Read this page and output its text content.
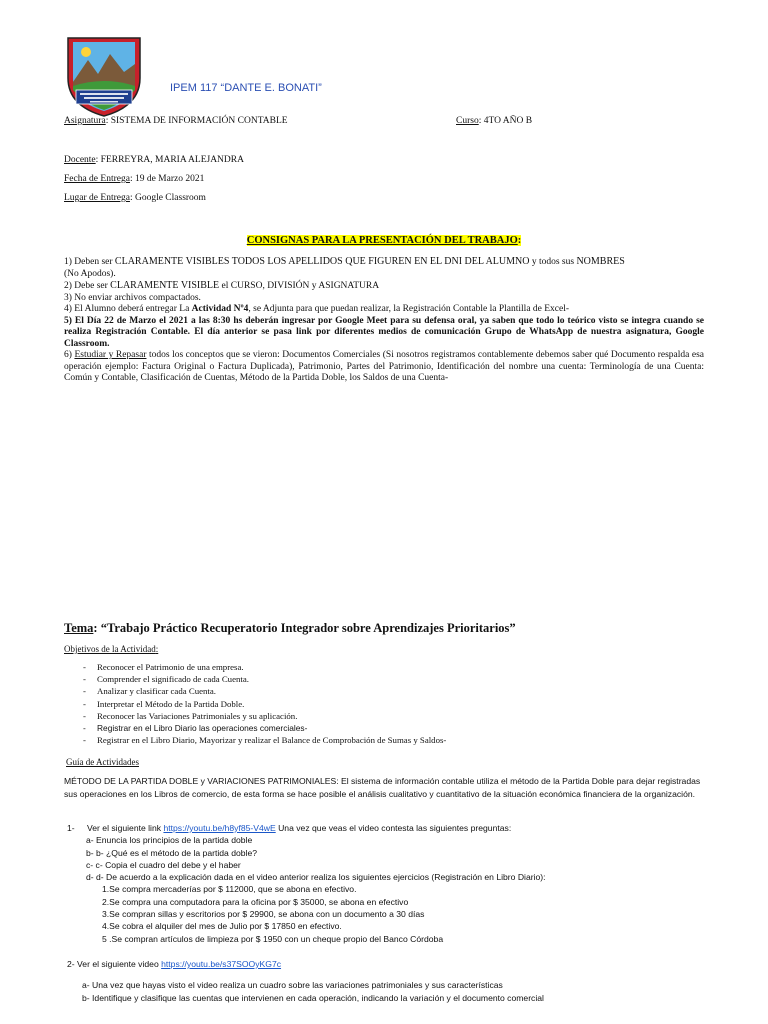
IPEM 117 “DANTE E. BONATI”
Asignatura: SISTEMA DE INFORMACIÓN CONTABLE	Curso: 4TO AÑO B
Docente: FERREYRA, MARIA ALEJANDRA
Fecha de Entrega: 19 de Marzo 2021
Lugar de Entrega: Google Classroom
CONSIGNAS PARA LA PRESENTACIÓN DEL TRABAJO:

1) Deben ser CLARAMENTE VISIBLES TODOS LOS APELLIDOS QUE FIGUREN EN EL DNI DEL ALUMNO y todos sus NOMBRES
(No Apodos).

2) Debe ser CLARAMENTE VISIBLE el CURSO, DIVISIÓN y ASIGNATURA

3) No enviar archivos compactados.

4) El Alumno deberá entregar La Actividad Nº4, se Adjunta para que puedan realizar, la Registración Contable la Plantilla de Excel-

5) El Día 22 de Marzo el 2021 a las 8:30 hs deberán ingresar por Google Meet para su defensa oral, ya saben que todo lo teórico visto se integra cuando se realiza Registración Contable. El día anterior se pasa link por diferentes medios de comunicación Grupo de WhatsApp de nuestra asignatura, Google Classroom.

6) Estudiar y Repasar todos los conceptos que se vieron: Documentos Comerciales (Si nosotros registramos contablemente debemos saber qué Documento respalda esa operación ejemplo: Factura Original o Factura Duplicada), Patrimonio, Partes del Patrimonio, Identificación del nombre una cuenta: Terminología de una Cuenta: Común y Contable, Clasificación de Cuentas, Método de la Partida Doble, los Saldos de una Cuenta-

Tema: “Trabajo Práctico Recuperatorio Integrador sobre Aprendizajes Prioritarios”
Objetivos de la Actividad:
- Reconocer el Patrimonio de una empresa.
- Comprender el significado de cada Cuenta.
- Analizar y clasificar cada Cuenta.
- Interpretar el Método de la Partida Doble.
- Reconocer las Variaciones Patrimoniales y su aplicación.
- Registrar en el Libro Diario las operaciones comerciales-
- Registrar en el Libro Diario, Mayorizar y realizar el Balance de Comprobación de Sumas y Saldos-
Guía de Actividades
MÉTODO DE LA PARTIDA DOBLE y VARIACIONES PATRIMONIALES: El sistema de información contable utiliza el método de la Partida Doble para dejar registradas sus operaciones en los Libros de comercio, de esta forma se hace posible el análisis cualitativo y cuantitativo de la situación económica financiera de la organización.
1- Ver el siguiente link https://youtu.be/h8yf85-V4wE Una vez que veas el video contesta las siguientes preguntas:
a- Enuncia los principios de la partida doble
b- b- ¿Qué es el método de la partida doble?
c- c- Copia el cuadro del debe y el haber
d- d- De acuerdo a la explicación dada en el video anterior realiza los siguientes ejercicios (Registración en Libro Diario):
1.Se compra mercaderías por $ 112000, que se abona en efectivo.
2.Se compra una computadora para la oficina por $ 35000, se abona en efectivo
3.Se compran sillas y escritorios por $ 29900, se abona con un documento a 30 días
4.Se cobra el alquiler del mes de Julio por $ 17850 en efectivo.
5 .Se compran artículos de limpieza por $ 1950 con un cheque propio del Banco Córdoba
2- Ver el siguiente video https://youtu.be/s37SOOyKG7c
a- Una vez que hayas visto el video realiza un cuadro sobre las variaciones patrimoniales y sus características
b- Identifique y clasifique las cuentas que intervienen en cada operación, indicando la variación y el documento comercial
